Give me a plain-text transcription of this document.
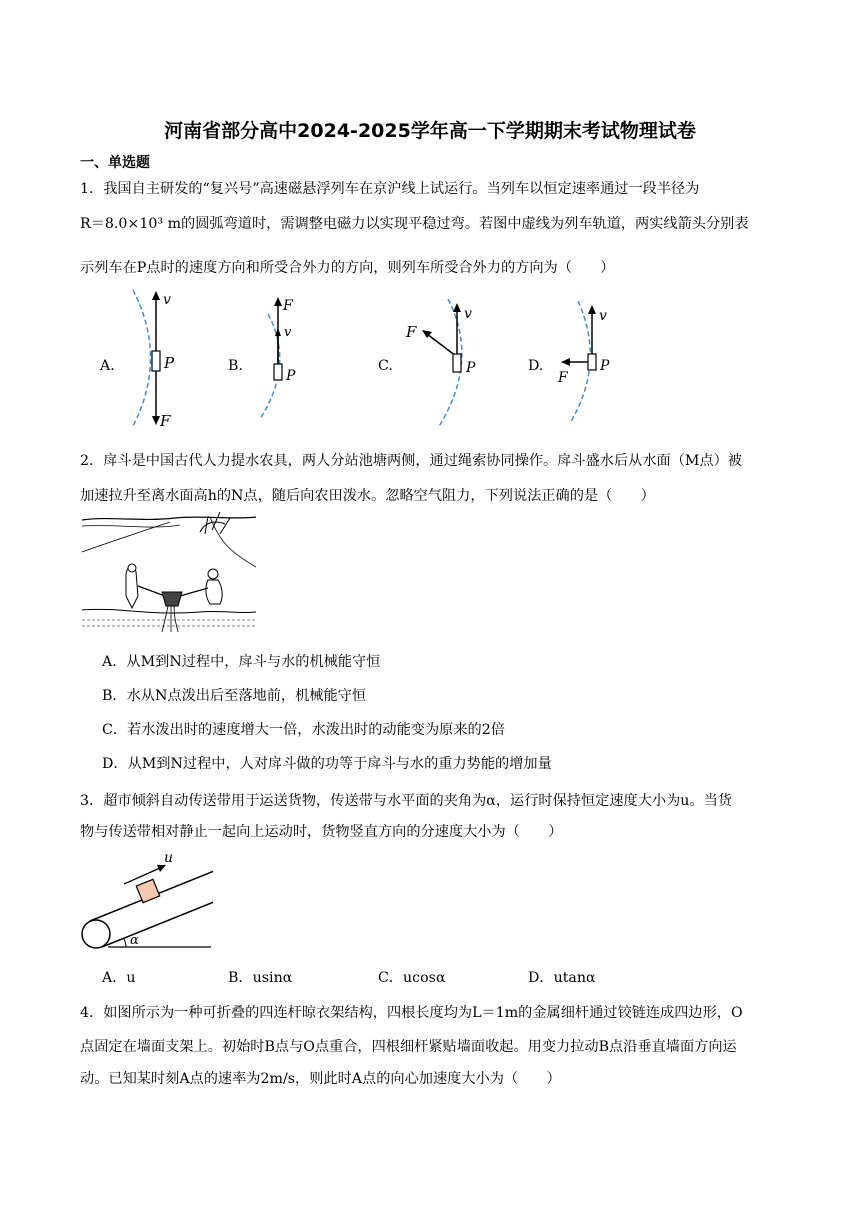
河南省部分高中2024-2025学年高一下学期期末考试物理试卷
一、单选题
1．我国自主研发的“复兴号”高速磁悬浮列车在京沪线上试运行。当列车以恒定速率通过一段半径为
R＝8.0×10³ m的圆弧弯道时，需调整电磁力以实现平稳过弯。若图中虚线为列车轨道，两实线箭头分别表
示列车在P点时的速度方向和所受合外力的方向，则列车所受合外力的方向为（　　）
A.	B.	C.	D.
v
P
F
F
v
P
v
F
P
v
P
F
2．戽斗是中国古代人力提水农具，两人分站池塘两侧，通过绳索协同操作。戽斗盛水后从水面（M点）被
加速拉升至离水面高h的N点，随后向农田泼水。忽略空气阻力，下列说法正确的是（　　）
A．从M到N过程中，戽斗与水的机械能守恒
B．水从N点泼出后至落地前，机械能守恒
C．若水泼出时的速度增大一倍，水泼出时的动能变为原来的2倍
D．从M到N过程中，人对戽斗做的功等于戽斗与水的重力势能的增加量
3．超市倾斜自动传送带用于运送货物，传送带与水平面的夹角为α，运行时保持恒定速度大小为u。当货
物与传送带相对静止一起向上运动时，货物竖直方向的分速度大小为（　　）
u
α
A．u	B．usinα	C．ucosα	D．utanα
4．如图所示为一种可折叠的四连杆晾衣架结构，四根长度均为L＝1m的金属细杆通过铰链连成四边形，O
点固定在墙面支架上。初始时B点与O点重合，四根细杆紧贴墙面收起。用变力拉动B点沿垂直墙面方向运
动。已知某时刻A点的速率为2m/s，则此时A点的向心加速度大小为（　　）
